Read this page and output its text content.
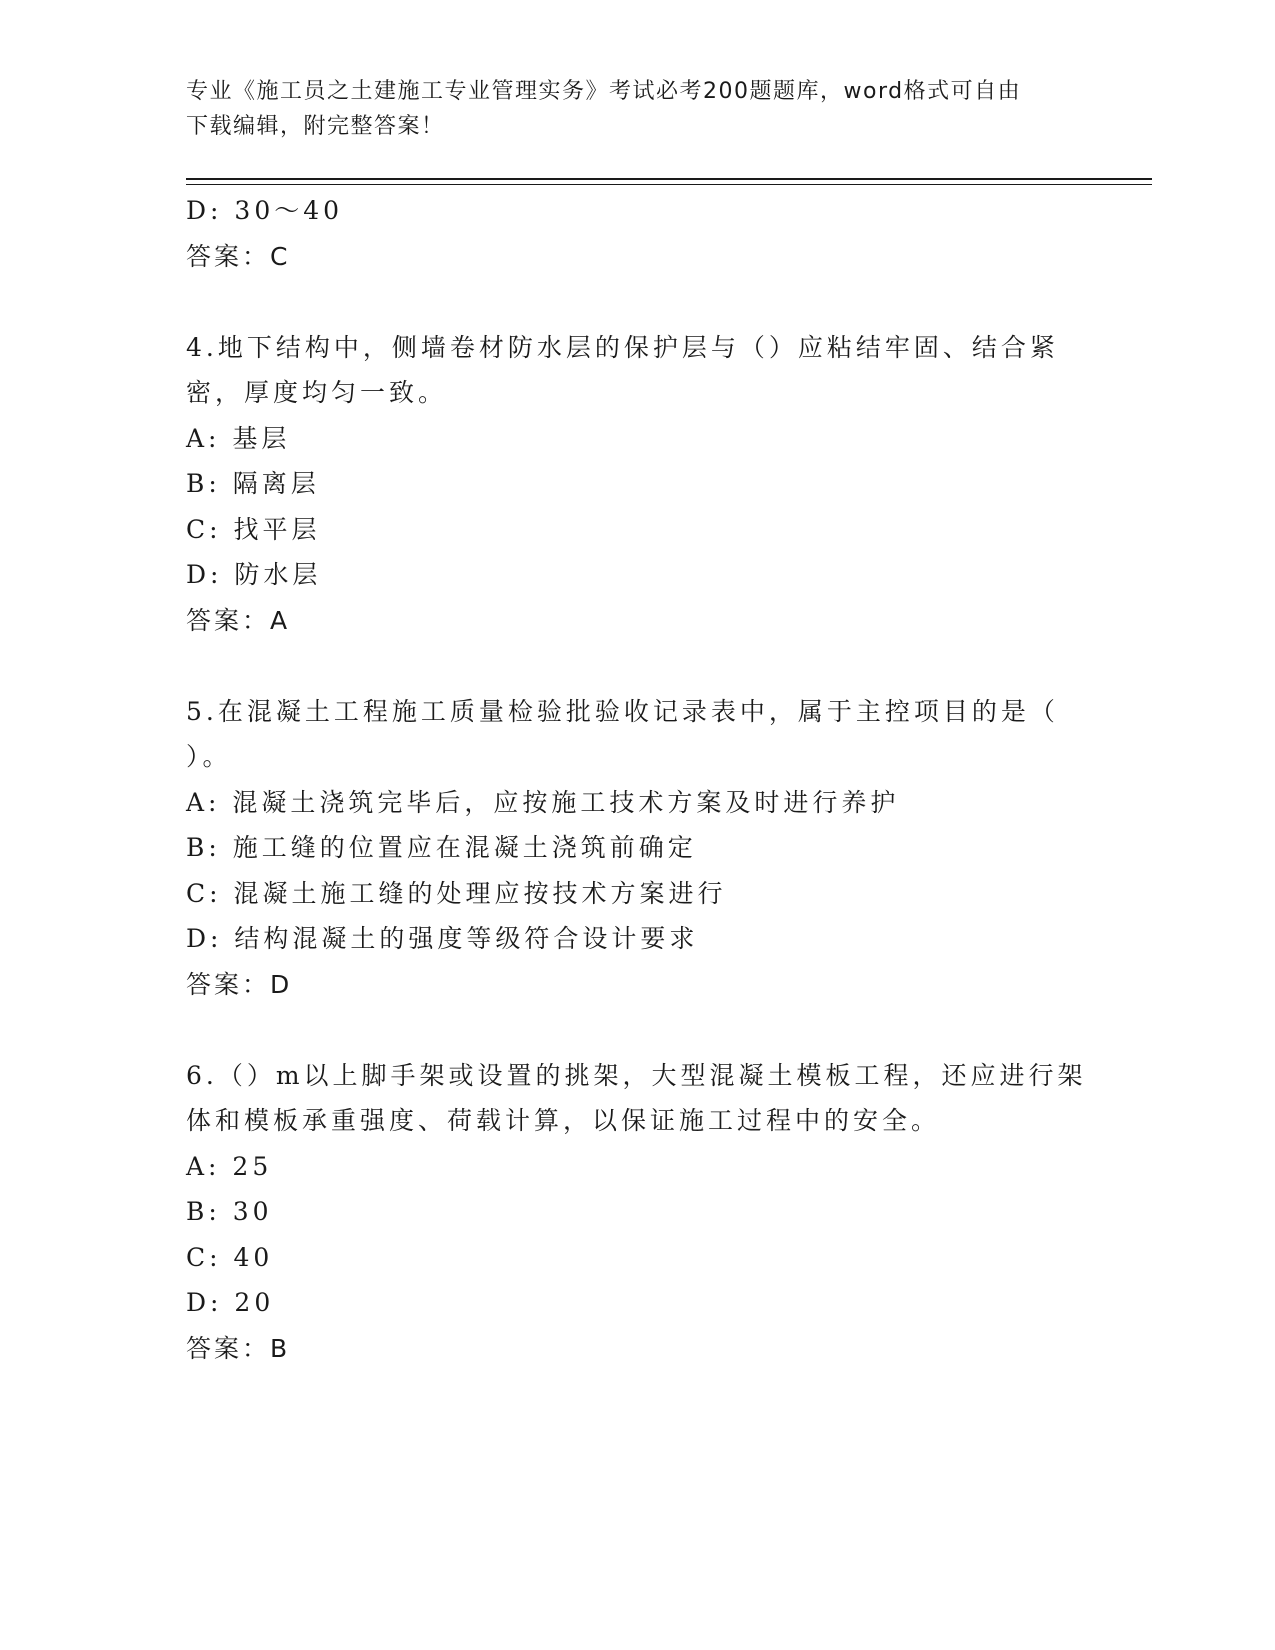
专业《施工员之土建施工专业管理实务》考试必考200题题库，word格式可自由
下载编辑，附完整答案！
D: 30～40
答案：C
4.地下结构中，侧墙卷材防水层的保护层与（）应粘结牢固、结合紧
密，厚度均匀一致。
A: 基层
B: 隔离层
C: 找平层
D: 防水层
答案：A
5.在混凝土工程施工质量检验批验收记录表中，属于主控项目的是（
）。
A: 混凝土浇筑完毕后，应按施工技术方案及时进行养护
B: 施工缝的位置应在混凝土浇筑前确定
C: 混凝土施工缝的处理应按技术方案进行
D: 结构混凝土的强度等级符合设计要求
答案：D
6.（）m以上脚手架或设置的挑架，大型混凝土模板工程，还应进行架
体和模板承重强度、荷载计算，以保证施工过程中的安全。
A: 25
B: 30
C: 40
D: 20
答案：B
